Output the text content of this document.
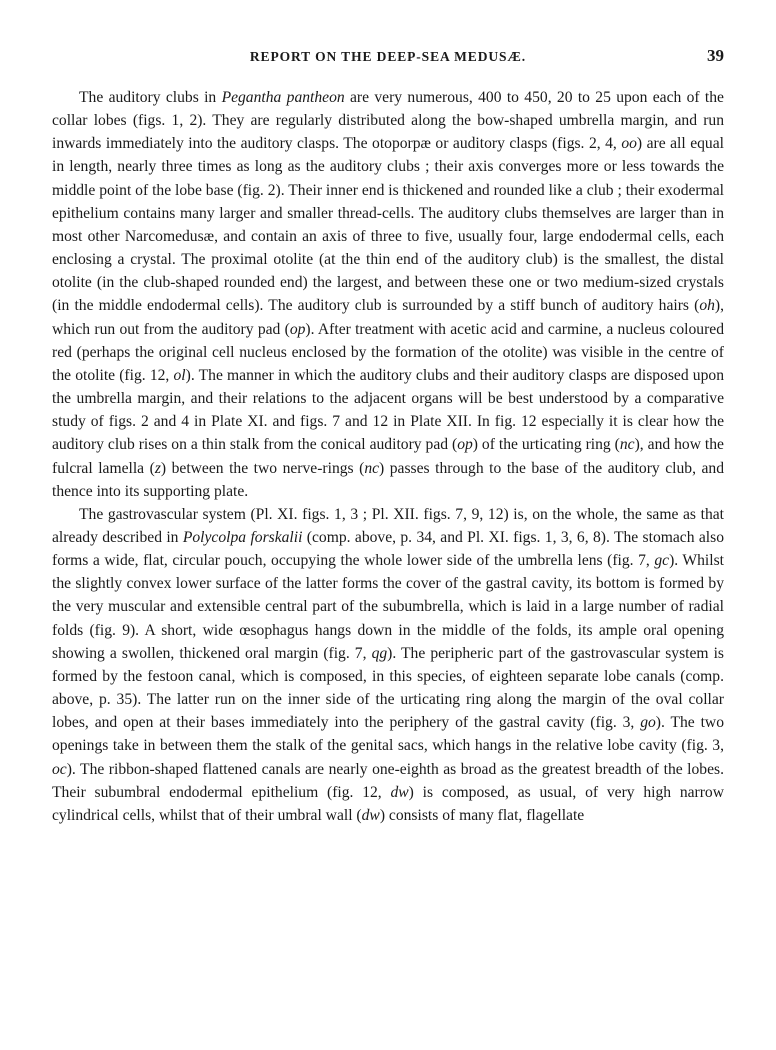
REPORT ON THE DEEP-SEA MEDUSÆ.	39

The auditory clubs in Pegantha pantheon are very numerous, 400 to 450, 20 to 25 upon each of the collar lobes (figs. 1, 2). They are regularly distributed along the bow-shaped umbrella margin, and run inwards immediately into the auditory clasps. The otoporpæ or auditory clasps (figs. 2, 4, oo) are all equal in length, nearly three times as long as the auditory clubs ; their axis converges more or less towards the middle point of the lobe base (fig. 2). Their inner end is thickened and rounded like a club ; their exodermal epithelium contains many larger and smaller thread-cells. The auditory clubs themselves are larger than in most other Narcomedusæ, and contain an axis of three to five, usually four, large endodermal cells, each enclosing a crystal. The proximal otolite (at the thin end of the auditory club) is the smallest, the distal otolite (in the club-shaped rounded end) the largest, and between these one or two medium-sized crystals (in the middle endodermal cells). The auditory club is surrounded by a stiff bunch of auditory hairs (oh), which run out from the auditory pad (op). After treatment with acetic acid and carmine, a nucleus coloured red (perhaps the original cell nucleus enclosed by the formation of the otolite) was visible in the centre of the otolite (fig. 12, ol). The manner in which the auditory clubs and their auditory clasps are disposed upon the umbrella margin, and their relations to the adjacent organs will be best understood by a comparative study of figs. 2 and 4 in Plate XI. and figs. 7 and 12 in Plate XII. In fig. 12 especially it is clear how the auditory club rises on a thin stalk from the conical auditory pad (op) of the urticating ring (nc), and how the fulcral lamella (z) between the two nerve-rings (nc) passes through to the base of the auditory club, and thence into its supporting plate.

The gastrovascular system (Pl. XI. figs. 1, 3 ; Pl. XII. figs. 7, 9, 12) is, on the whole, the same as that already described in Polycolpa forskalii (comp. above, p. 34, and Pl. XI. figs. 1, 3, 6, 8). The stomach also forms a wide, flat, circular pouch, occupying the whole lower side of the umbrella lens (fig. 7, gc). Whilst the slightly convex lower surface of the latter forms the cover of the gastral cavity, its bottom is formed by the very muscular and extensible central part of the subumbrella, which is laid in a large number of radial folds (fig. 9). A short, wide œsophagus hangs down in the middle of the folds, its ample oral opening showing a swollen, thickened oral margin (fig. 7, qg). The peripheric part of the gastrovascular system is formed by the festoon canal, which is composed, in this species, of eighteen separate lobe canals (comp. above, p. 35). The latter run on the inner side of the urticating ring along the margin of the oval collar lobes, and open at their bases immediately into the periphery of the gastral cavity (fig. 3, go). The two openings take in between them the stalk of the genital sacs, which hangs in the relative lobe cavity (fig. 3, oc). The ribbon-shaped flattened canals are nearly one-eighth as broad as the greatest breadth of the lobes. Their subumbral endodermal epithelium (fig. 12, dw) is composed, as usual, of very high narrow cylindrical cells, whilst that of their umbral wall (dw) consists of many flat, flagellate
